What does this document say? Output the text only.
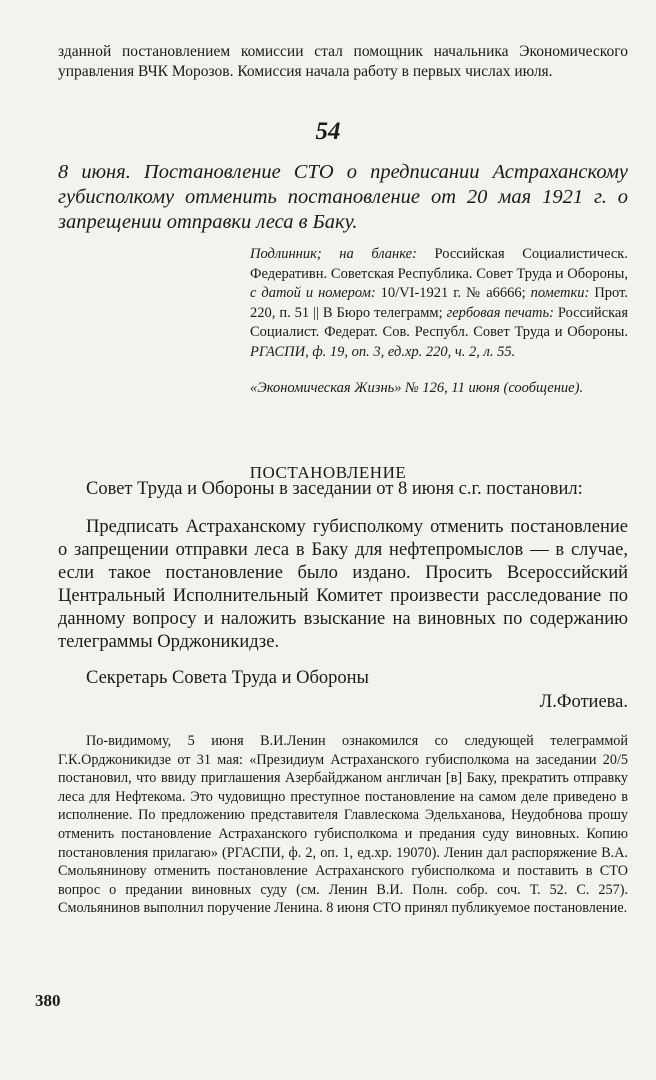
зданной постановлением комиссии стал помощник начальника Экономического управления ВЧК Морозов. Комиссия начала работу в первых числах июля.

54

8 июня. Постановление СТО о предписании Астраханскому губисполкому отменить постановление от 20 мая 1921 г. о запрещении отправки леса в Баку.

Подлинник; на бланке: Российская Социалистическ. Федеративн. Советская Республика. Совет Труда и Обороны, с датой и номером: 10/VI-1921 г. № а6666; пометки: Прот. 220, п. 51 || В Бюро телеграмм; гербовая печать: Российская Социалист. Федерат. Сов. Республ. Совет Труда и Обороны. РГАСПИ, ф. 19, оп. 3, ед.хр. 220, ч. 2, л. 55.

«Экономическая Жизнь» № 126, 11 июня (сообщение).

ПОСТАНОВЛЕНИЕ

Совет Труда и Обороны в заседании от 8 июня с.г. постановил:

Предписать Астраханскому губисполкому отменить постановление о запрещении отправки леса в Баку для нефтепромыслов — в случае, если такое постановление было издано. Просить Всероссийский Центральный Исполнительный Комитет произвести расследование по данному вопросу и наложить взыскание на виновных по содержанию телеграммы Орджоникидзе.

Секретарь Совета Труда и Обороны
Л.Фотиева.

По-видимому, 5 июня В.И.Ленин ознакомился со следующей телеграммой Г.К.Орджоникидзе от 31 мая: «Президиум Астраханского губисполкома на заседании 20/5 постановил, что ввиду приглашения Азербайджаном англичан [в] Баку, прекратить отправку леса для Нефтекома. Это чудовищно преступное постановление на самом деле приведено в исполнение. По предложению представителя Главлескома Эдельханова, Неудобнова прошу отменить постановление Астраханского губисполкома и предания суду виновных. Копию постановления прилагаю» (РГАСПИ, ф. 2, оп. 1, ед.хр. 19070). Ленин дал распоряжение В.А. Смольянинову отменить постановление Астраханского губисполкома и поставить в СТО вопрос о предании виновных суду (см. Ленин В.И. Полн. собр. соч. Т. 52. С. 257). Смольянинов выполнил поручение Ленина. 8 июня СТО принял публикуемое постановление.

380
